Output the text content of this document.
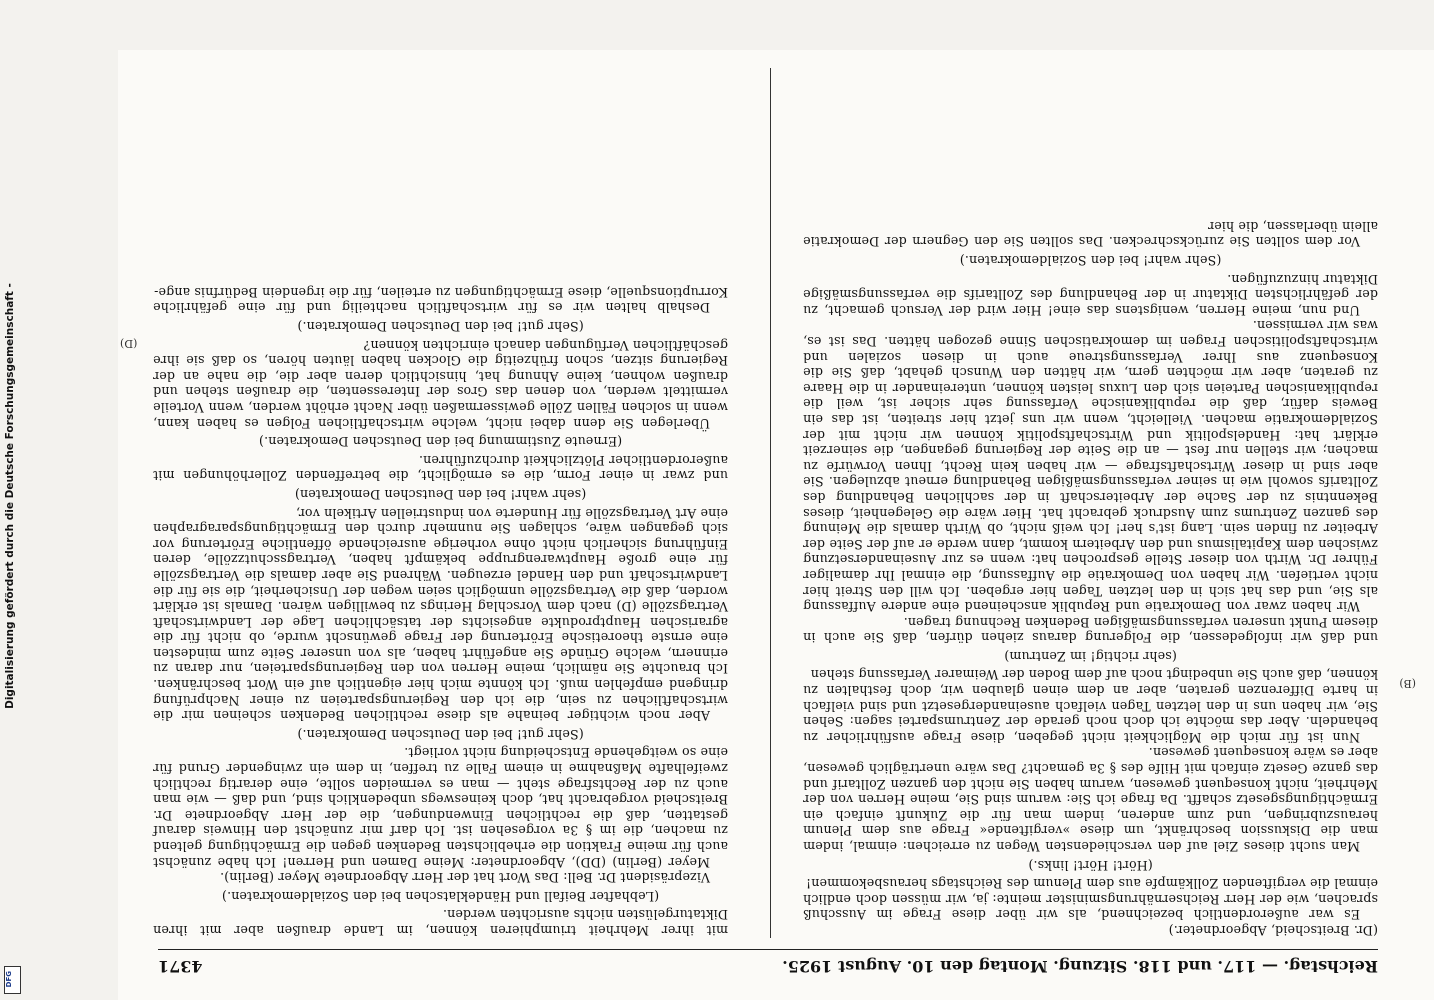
Digitalisierung gefördert durch die Deutsche Forschungsgemeinschaft -
DFG
Reichstag. — 117. und 118. Sitzung. Montag den 10. August 1925.
4371

(Dr. Breitscheid, Abgeordneter.)

Es war außerordentlich bezeichnend, als wir über diese Frage im Ausschuß sprachen, wie der Herr Reichsernährungsminister meinte: ja, wir müssen doch endlich einmal die vergiftenden Zollkämpfe aus dem Plenum des Reichstags herausbekommen!

(Hört! Hört! links.)

Man sucht dieses Ziel auf den verschiedensten Wegen zu erreichen: einmal, indem man die Diskussion beschränkt, um diese »vergiftende« Frage aus dem Plenum herauszubringen, und zum anderen, indem man für die Zukunft einfach ein Ermächtigungsgesetz schafft. Da frage ich Sie: warum sind Sie, meine Herren von der Mehrheit, nicht konsequent gewesen, warum haben Sie nicht den ganzen Zolltarif und das ganze Gesetz einfach mit Hilfe des § 3a gemacht? Das wäre unerträglich gewesen, aber es wäre konsequent gewesen.

Nun ist für mich die Möglichkeit nicht gegeben, diese Frage ausführlicher zu behandeln. Aber das möchte ich doch noch gerade der Zentrumspartei sagen: Sehen Sie, wir haben uns in den letzten Tagen vielfach auseinandergesetzt und sind vielfach in harte Differenzen geraten, aber an dem einen glauben wir, doch festhalten zu können, daß auch Sie unbedingt noch auf dem Boden der Weimarer Verfassung stehen

(sehr richtig! im Zentrum)

und daß wir infolgedessen, die Folgerung daraus ziehen dürfen, daß Sie auch in diesem Punkt unseren verfassungsmäßigen Bedenken Rechnung tragen.

Wir haben zwar von Demokratie und Republik anscheinend eine andere Auffassung als Sie, und das hat sich in den letzten Tagen hier ergeben. Ich will den Streit hier nicht vertiefen. Wir haben von Demokratie die Auffassung, die einmal Ihr damaliger Führer Dr. Wirth von dieser Stelle gesprochen hat: wenn es zur Auseinandersetzung zwischen dem Kapitalismus und den Arbeitern kommt, dann werde er auf der Seite der Arbeiter zu finden sein. Lang ist's her! Ich weiß nicht, ob Wirth damals die Meinung des ganzen Zentrums zum Ausdruck gebracht hat. Hier wäre die Gelegenheit, dieses Bekenntnis zu der Sache der Arbeiterschaft in der sachlichen Behandlung des Zolltarifs sowohl wie in seiner verfassungsmäßigen Behandlung erneut abzulegen. Sie aber sind in dieser Wirtschaftsfrage — wir haben kein Recht, Ihnen Vorwürfe zu machen; wir stellen nur fest — an die Seite der Regierung gegangen, die seinerzeit erklärt hat: Handelspolitik und Wirtschaftspolitik können wir nicht mit der Sozialdemokratie machen. Vielleicht, wenn wir uns jetzt hier streiten, ist das ein Beweis dafür, daß die republikanische Verfassung sehr sicher ist, weil die republikanischen Parteien sich den Luxus leisten können, untereinander in die Haare zu geraten, aber wir möchten gern, wir hätten den Wunsch gehabt, daß Sie die Konsequenz aus Ihrer Verfassungstreue auch in diesen sozialen und wirtschaftspolitischen Fragen im demokratischen Sinne gezogen hätten. Das ist es, was wir vermissen.

Und nun, meine Herren, wenigstens das eine! Hier wird der Versuch gemacht, zu der gefährlichsten Diktatur in der Behandlung des Zolltarifs die verfassungsmäßige Diktatur hinzuzufügen.

(Sehr wahr! bei den Sozialdemokraten.)

Vor dem sollten Sie zurückschrecken. Das sollten Sie den Gegnern der Demokratie allein überlassen, die hier

mit ihrer Mehrheit triumphieren können, im Lande draußen aber mit ihren Diktaturgelüsten nichts ausrichten werden.

(Lebhafter Beifall und Händeklatschen bei den Sozialdemokraten.)

Vizepräsident Dr. Bell: Das Wort hat der Herr Abgeordnete Meyer (Berlin).

Meyer (Berlin) (DD), Abgeordneter: Meine Damen und Herren! Ich habe zunächst auch für meine Fraktion die erheblichsten Bedenken gegen die Ermächtigung geltend zu machen, die im § 3a vorgesehen ist. Ich darf mir zunächst den Hinweis darauf gestatten, daß die rechtlichen Einwendungen, die der Herr Abgeordnete Dr. Breitscheid vorgebracht hat, doch keineswegs unbedenklich sind, und daß — wie man auch zu der Rechtsfrage steht — man es vermeiden sollte, eine derartig rechtlich zweifelhafte Maßnahme in einem Falle zu treffen, in dem ein zwingender Grund für eine so weitgehende Entscheidung nicht vorliegt.

(Sehr gut! bei den Deutschen Demokraten.)

Aber noch wichtiger beinahe als diese rechtlichen Bedenken scheinen mir die wirtschaftlichen zu sein, die ich den Regierungsparteien zu einer Nachprüfung dringend empfehlen muß. Ich könnte mich hier eigentlich auf ein Wort beschränken. Ich brauchte Sie nämlich, meine Herren von den Regierungsparteien, nur daran zu erinnern, welche Gründe Sie angeführt haben, als von unserer Seite zum mindesten eine ernste theoretische Erörterung der Frage gewünscht wurde, ob nicht für die agrarischen Hauptprodukte angesichts der tatsächlichen Lage der Landwirtschaft Vertragszölle (D) nach dem Vorschlag Herings zu bewilligen wären. Damals ist erklärt worden, daß die Vertragszölle unmöglich seien wegen der Unsicherheit, die sie für die Landwirtschaft und den Handel erzeugen. Während Sie aber damals die Vertragszölle für eine große Hauptwarengruppe bekämpft haben, Vertragsschutzzölle, deren Einführung sicherlich nicht ohne vorherige ausreichende öffentliche Erörterung vor sich gegangen wäre, schlagen Sie nunmehr durch den Ermächtigungsparagraphen eine Art Vertragszölle für Hunderte von industriellen Artikeln vor,

(sehr wahr! bei den Deutschen Demokraten)

und zwar in einer Form, die es ermöglicht, die betreffenden Zollerhöhungen mit außerordentlicher Plötzlichkeit durchzuführen.

(Erneute Zustimmung bei den Deutschen Demokraten.)

Überlegen Sie denn dabei nicht, welche wirtschaftlichen Folgen es haben kann, wenn in solchen Fällen Zölle gewissermaßen über Nacht erhöht werden, wenn Vorteile vermittelt werden, von denen das Gros der Interessenten, die draußen stehen und draußen wohnen, keine Ahnung hat, hinsichtlich deren aber die, die nahe an der Regierung sitzen, schon frühzeitig die Glocken haben läuten hören, so daß sie ihre geschäftlichen Verfügungen danach einrichten können?

(Sehr gut! bei den Deutschen Demokraten.)

Deshalb halten wir es für wirtschaftlich nachteilig und für eine gefährliche Korruptionsquelle, diese Ermächtigungen zu erteilen, für die irgendein Bedürfnis ange-

(B)
(D)
